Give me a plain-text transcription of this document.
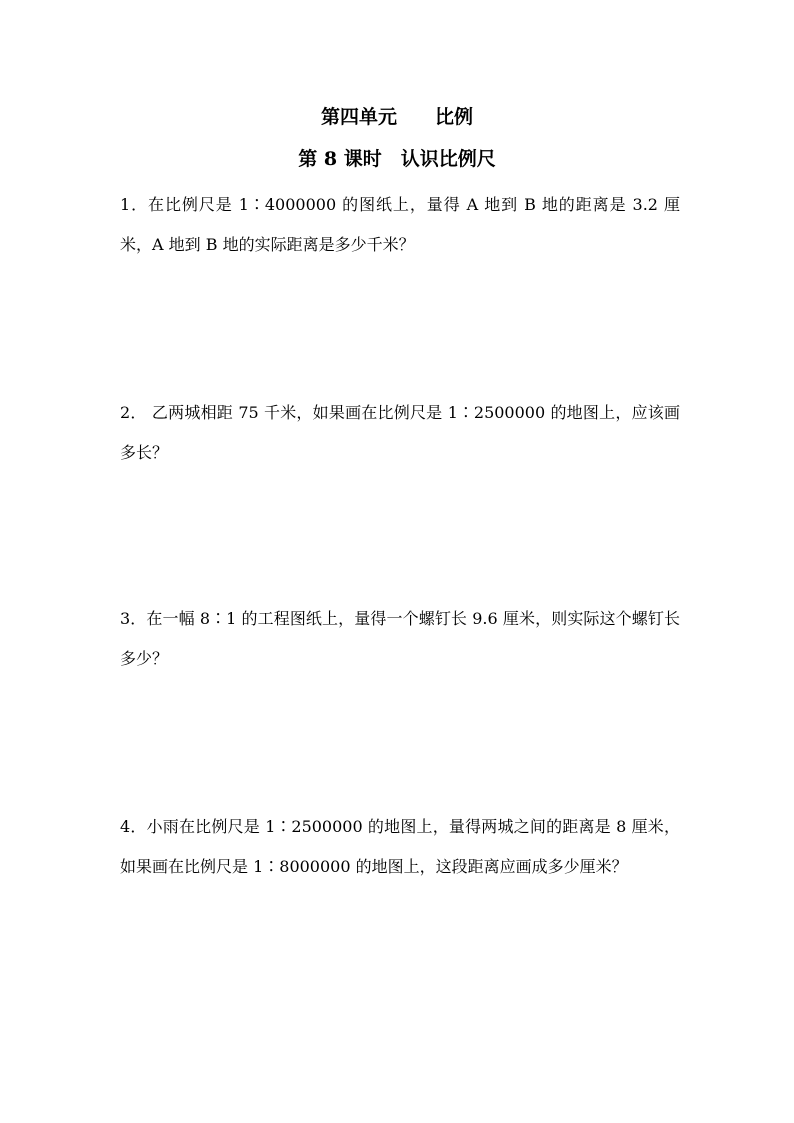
第四单元　　比例
第 8 课时　认识比例尺
1．在比例尺是 1∶4000000 的图纸上，量得 A 地到 B 地的距离是 3.2 厘米，A 地到 B 地的实际距离是多少千米？
2． 乙两城相距 75 千米，如果画在比例尺是 1∶2500000 的地图上，应该画多长？
3．在一幅 8∶1 的工程图纸上，量得一个螺钉长 9.6 厘米，则实际这个螺钉长多少？
4．小雨在比例尺是 1∶2500000 的地图上，量得两城之间的距离是 8 厘米，如果画在比例尺是 1∶8000000 的地图上，这段距离应画成多少厘米？
